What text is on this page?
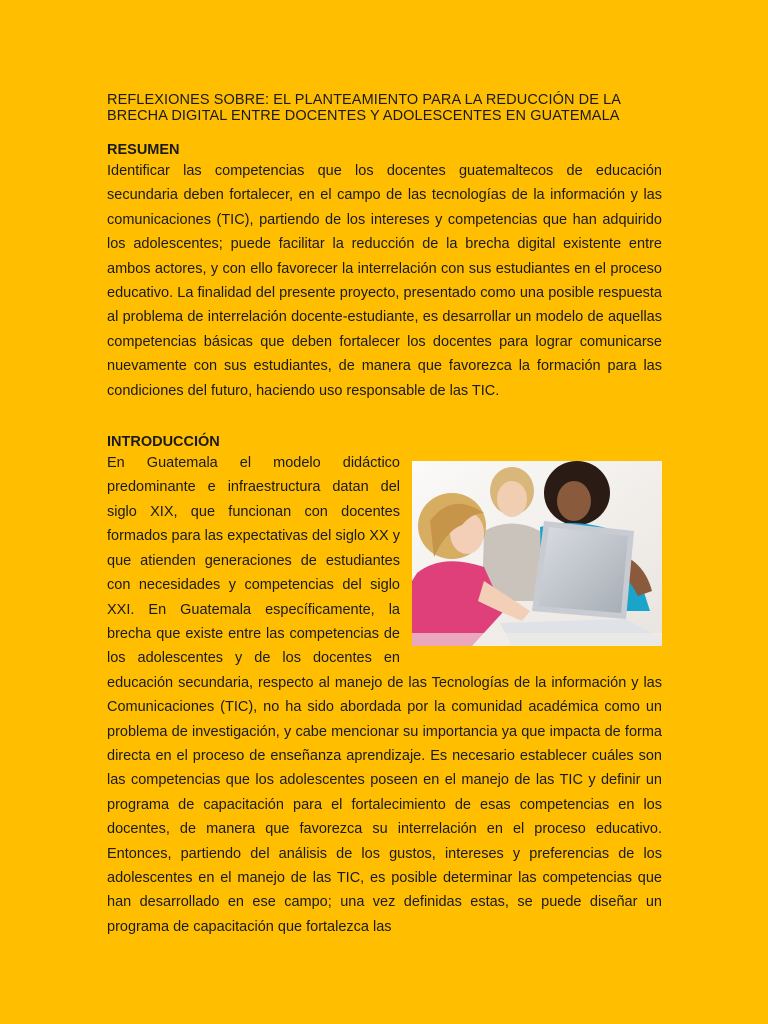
REFLEXIONES SOBRE: EL PLANTEAMIENTO PARA LA REDUCCIÓN DE LA BRECHA DIGITAL ENTRE DOCENTES Y ADOLESCENTES EN GUATEMALA
RESUMEN

Identificar las competencias que los docentes guatemaltecos de educación secundaria deben fortalecer, en el campo de las tecnologías de la información y las comunicaciones (TIC), partiendo de los intereses y competencias que han adquirido los adolescentes; puede facilitar la reducción de la brecha digital existente entre ambos actores, y con ello favorecer la interrelación con sus estudiantes en el proceso educativo. La finalidad del presente proyecto, presentado como una posible respuesta al problema de interrelación docente-estudiante, es desarrollar un modelo de aquellas competencias básicas que deben fortalecer los docentes para lograr comunicarse nuevamente con sus estudiantes, de manera que favorezca la formación para las condiciones del futuro, haciendo uso responsable de las TIC.

INTRODUCCIÓN

En Guatemala el modelo didáctico predominante e infraestructura datan del siglo XIX, que funcionan con docentes formados para las expectativas del siglo XX y que atienden generaciones de estudiantes con necesidades y competencias del siglo XXI. En Guatemala específicamente, la brecha que existe entre las competencias de los adolescentes y de los docentes en educación secundaria, respecto al manejo de las Tecnologías de la información y las Comunicaciones (TIC), no ha sido abordada por la comunidad académica como un problema de investigación, y cabe mencionar su importancia ya que impacta de forma directa en el proceso de enseñanza aprendizaje. Es necesario establecer cuáles son las competencias que los adolescentes poseen en el manejo de las TIC y definir un programa de capacitación para el fortalecimiento de esas competencias en los docentes, de manera que favorezca su interrelación en el proceso educativo. Entonces, partiendo del análisis de los gustos, intereses y preferencias de los adolescentes en el manejo de las TIC, es posible determinar las competencias que han desarrollado en ese campo; una vez definidas estas, se puede diseñar un programa de capacitación que fortalezca las
